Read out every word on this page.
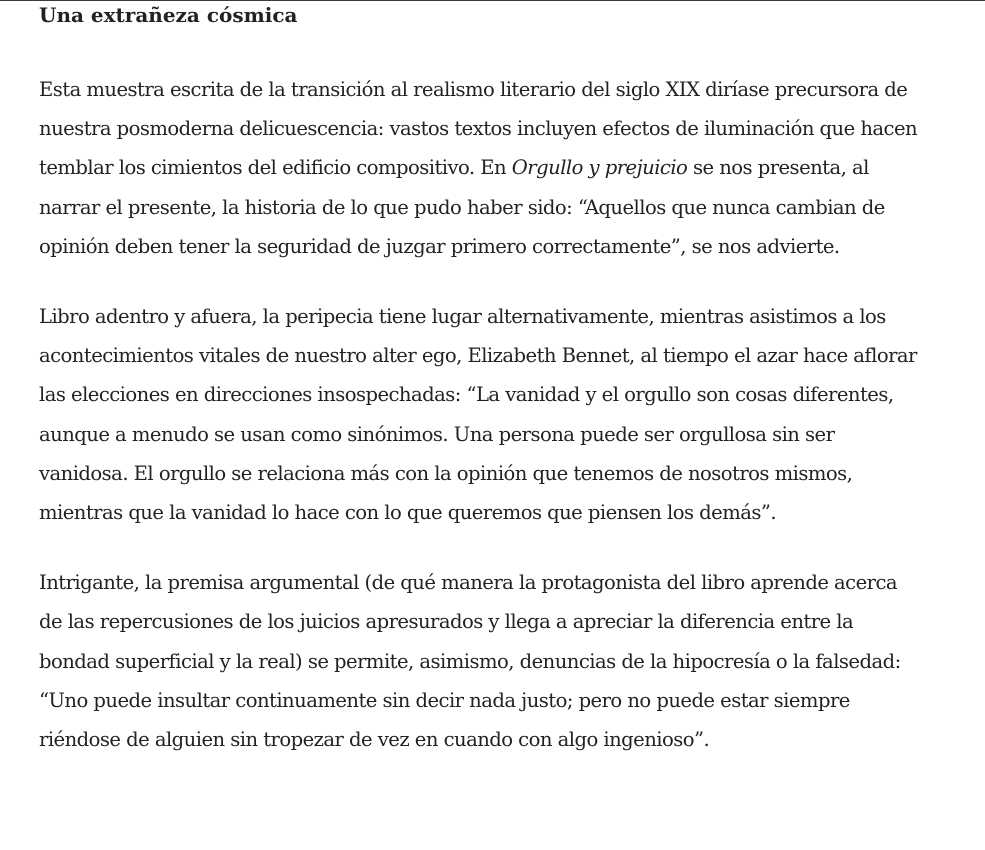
Una extrañeza cósmica

Esta muestra escrita de la transición al realismo literario del siglo XIX diríase precursora de nuestra posmoderna delicuescencia: vastos textos incluyen efectos de iluminación que hacen temblar los cimientos del edificio compositivo. En Orgullo y prejuicio se nos presenta, al narrar el presente, la historia de lo que pudo haber sido: “Aquellos que nunca cambian de opinión deben tener la seguridad de juzgar primero correctamente”, se nos advierte.

Libro adentro y afuera, la peripecia tiene lugar alternativamente, mientras asistimos a los acontecimientos vitales de nuestro alter ego, Elizabeth Bennet, al tiempo el azar hace aflorar las elecciones en direcciones insospechadas: “La vanidad y el orgullo son cosas diferentes, aunque a menudo se usan como sinónimos. Una persona puede ser orgullosa sin ser vanidosa. El orgullo se relaciona más con la opinión que tenemos de nosotros mismos, mientras que la vanidad lo hace con lo que queremos que piensen los demás”.

Intrigante, la premisa argumental (de qué manera la protagonista del libro aprende acerca de las repercusiones de los juicios apresurados y llega a apreciar la diferencia entre la bondad superficial y la real) se permite, asimismo, denuncias de la hipocresía o la falsedad: “Uno puede insultar continuamente sin decir nada justo; pero no puede estar siempre riéndose de alguien sin tropezar de vez en cuando con algo ingenioso”.
